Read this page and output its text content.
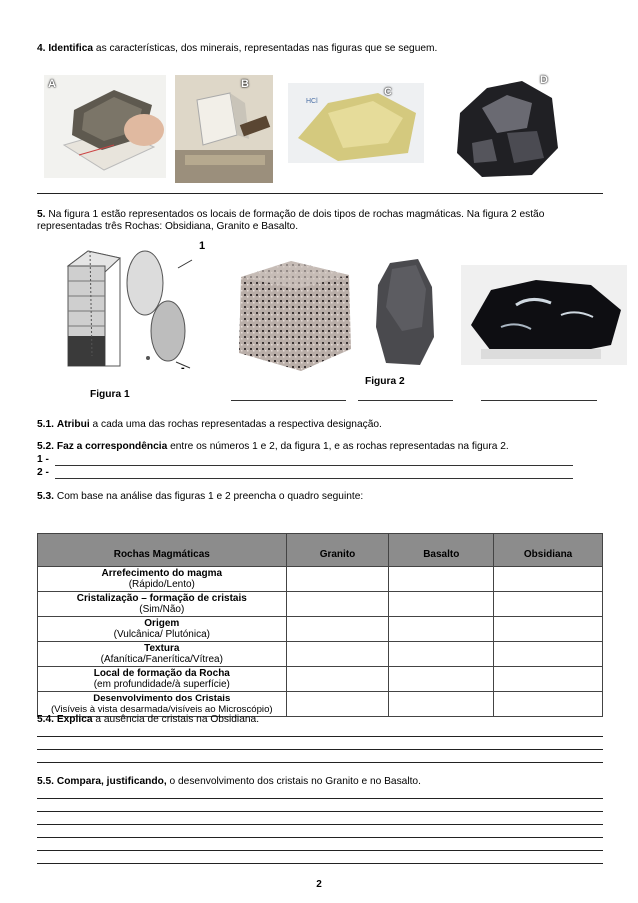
4. Identifica as características, dos minerais, representadas nas figuras que se seguem.
A	B
HCl
C
D
5. Na figura 1 estão representados os locais de formação de dois tipos de rochas magmáticas. Na figura 2 estão
representadas três Rochas: Obsidiana, Granito e Basalto.
1
-
Figura 1
Figura 2
5.1. Atribui a cada uma das rochas representadas a respectiva designação.
5.2. Faz a correspondência entre os números 1 e 2, da figura 1, e as rochas representadas na figura 2.
1 -
2 -
5.3. Com base na análise das figuras 1 e 2 preencha o quadro seguinte:
Rochas Magmáticas	Granito	Basalto	Obsidiana

Arrefecimento do magma
(Rápido/Lento)			

Cristalização – formação de cristais
(Sim/Não)			

Origem
(Vulcânica/ Plutónica)			

Textura
(Afanítica/Fanerítica/Vítrea)			

Local de formação da Rocha
(em profundidade/à superfície)			

Desenvolvimento dos Cristais
(Visíveis à vista desarmada/visíveis ao Microscópio)			
5.4. Explica a ausência de cristais na Obsidiana.
5.5. Compara, justificando, o desenvolvimento dos cristais no Granito e no Basalto.
2
